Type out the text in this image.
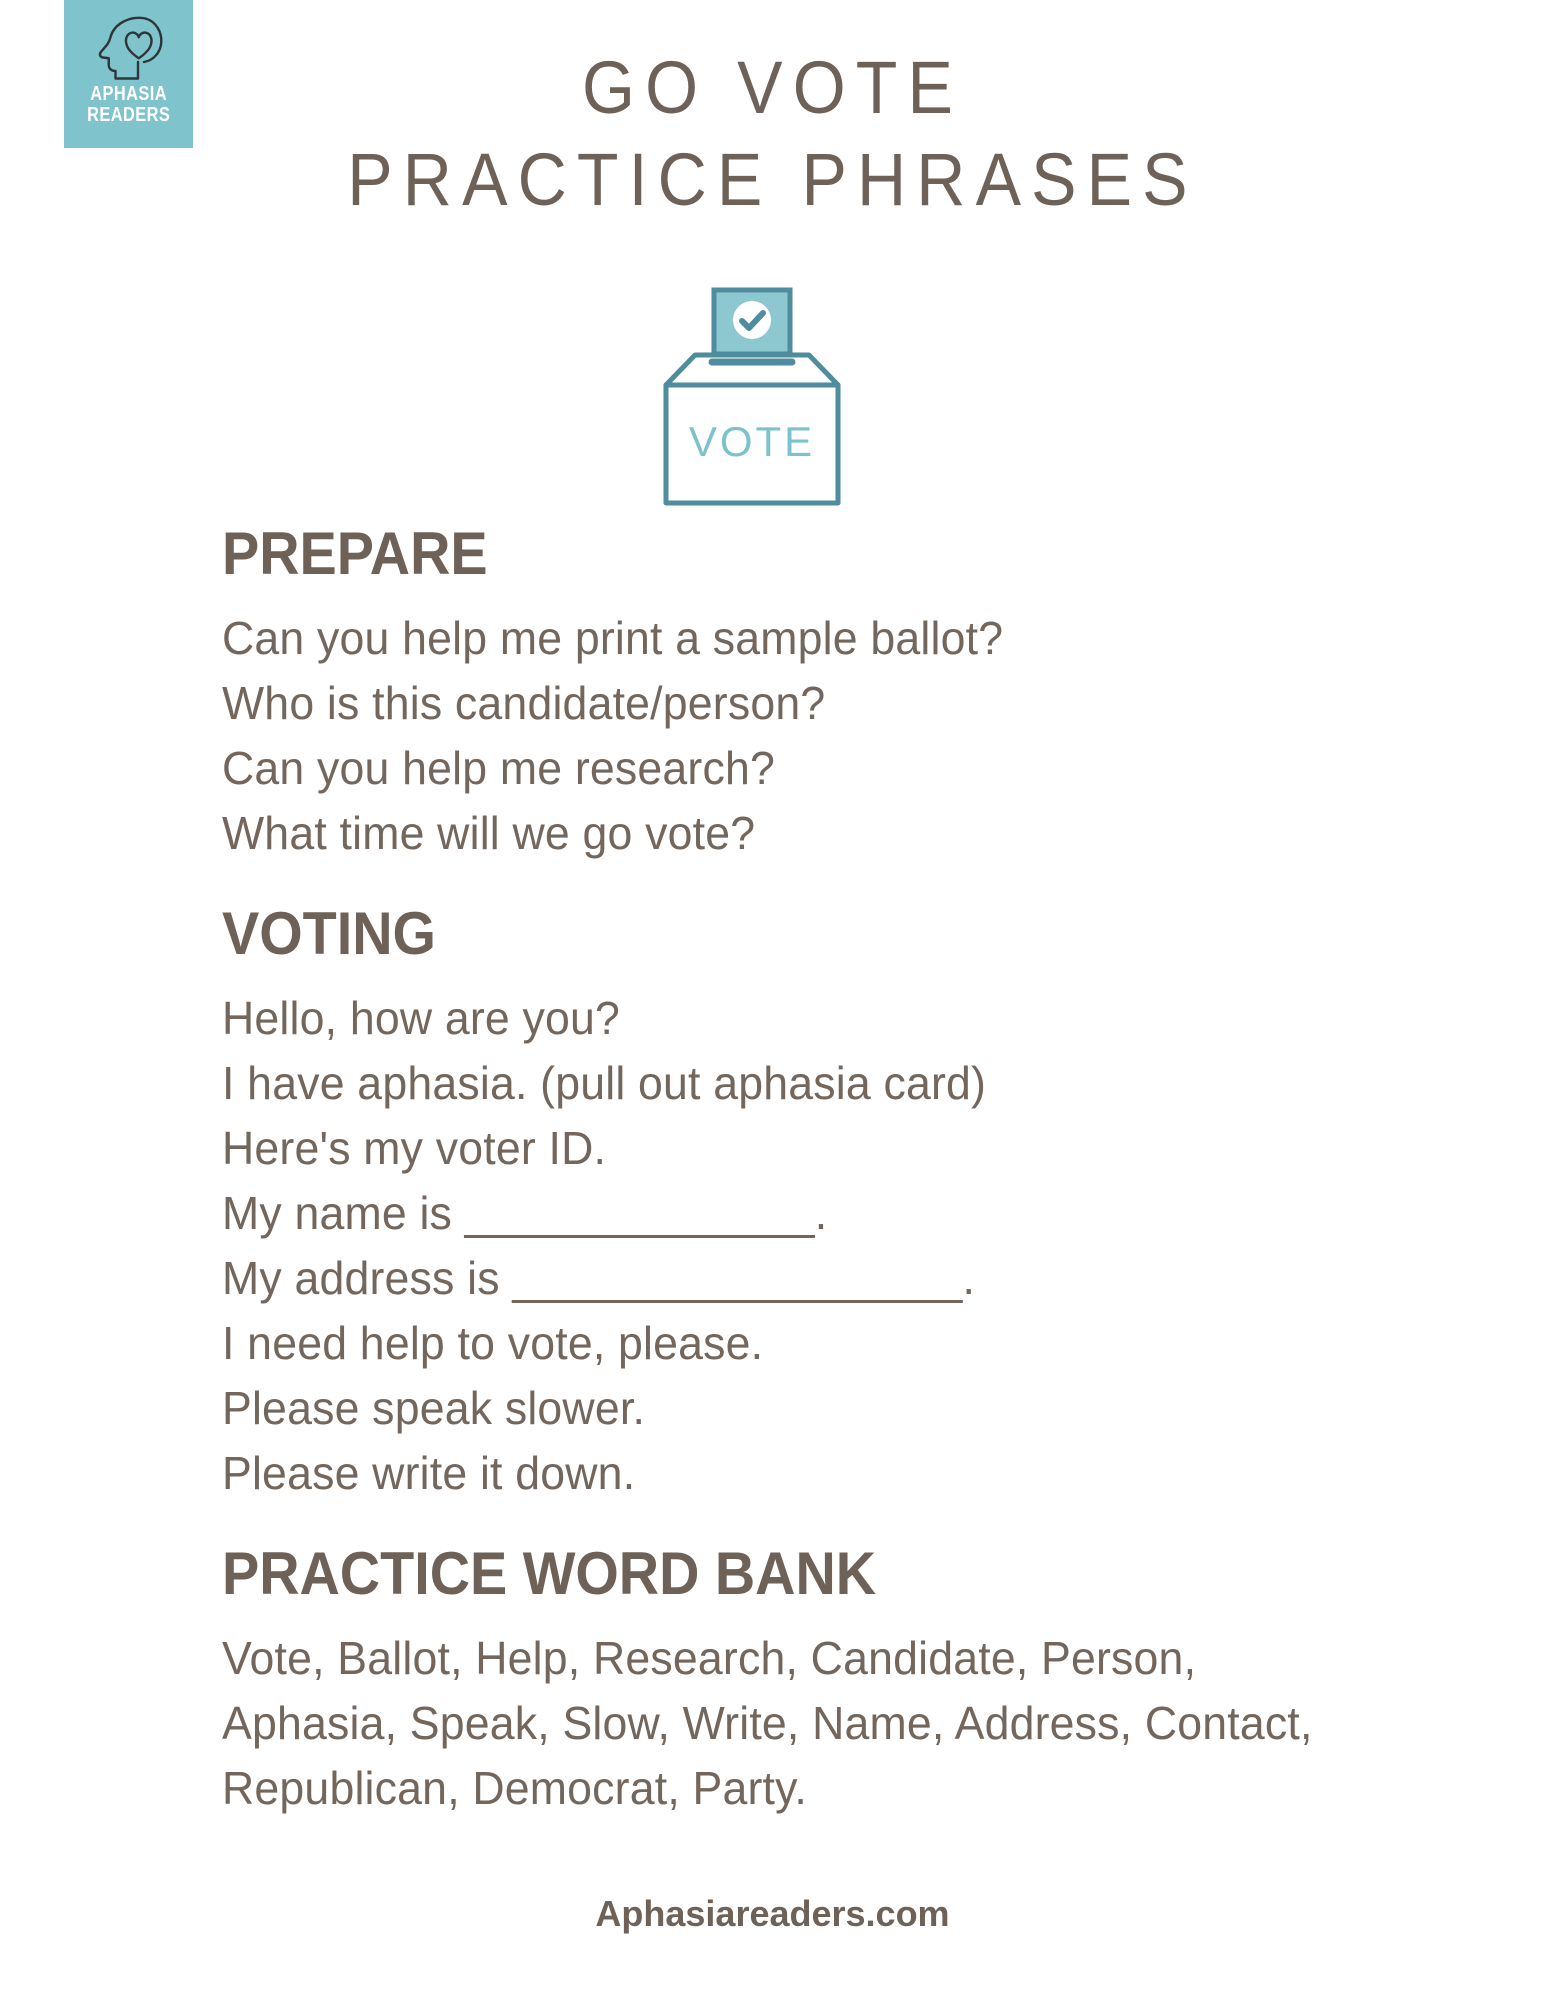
APHASIA
READERS	GO VOTE
PRACTICE PHRASES
VOTE
PREPARE
Can you help me print a sample ballot?
Who is this candidate/person?
Can you help me research?
What time will we go vote?
VOTING
Hello, how are you?
I have aphasia. (pull out aphasia card)
Here's my voter ID.
My name is ______________.
My address is __________________.
I need help to vote, please.
Please speak slower.
Please write it down.
PRACTICE WORD BANK
Vote, Ballot, Help, Research, Candidate, Person,
Aphasia, Speak, Slow, Write, Name, Address, Contact,
Republican, Democrat, Party.
Aphasiareaders.com
